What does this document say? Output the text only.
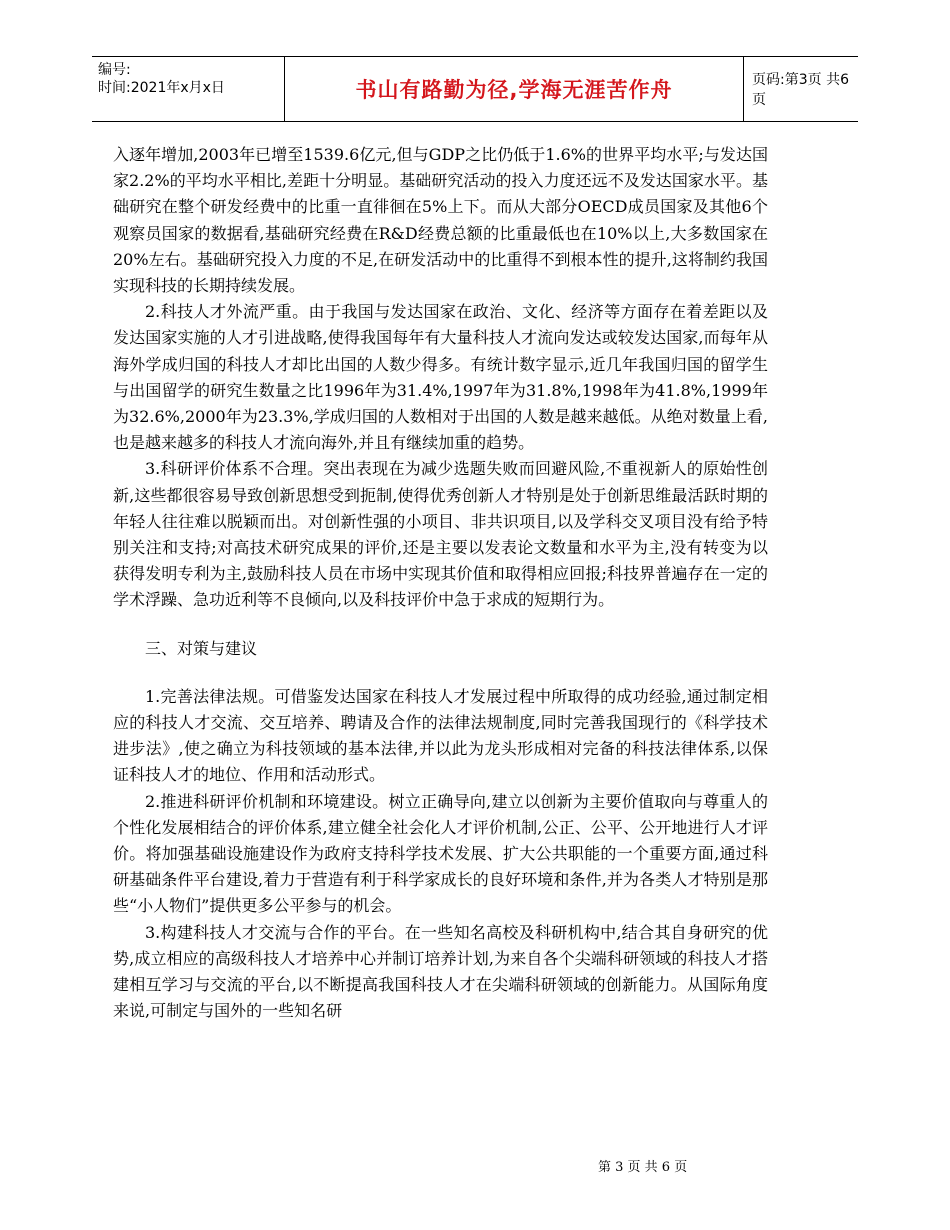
编号:
时间:2021年x月x日	书山有路勤为径,学海无涯苦作舟	页码:第3页 共6页

入逐年增加,2003年已增至1539.6亿元,但与GDP之比仍低于1.6%的世界平均水平;与发达国家2.2%的平均水平相比,差距十分明显。基础研究活动的投入力度还远不及发达国家水平。基础研究在整个研发经费中的比重一直徘徊在5%上下。而从大部分OECD成员国家及其他6个观察员国家的数据看,基础研究经费在R&D经费总额的比重最低也在10%以上,大多数国家在20%左右。基础研究投入力度的不足,在研发活动中的比重得不到根本性的提升,这将制约我国实现科技的长期持续发展。

2.科技人才外流严重。由于我国与发达国家在政治、文化、经济等方面存在着差距以及发达国家实施的人才引进战略,使得我国每年有大量科技人才流向发达或较发达国家,而每年从海外学成归国的科技人才却比出国的人数少得多。有统计数字显示,近几年我国归国的留学生与出国留学的研究生数量之比1996年为31.4%,1997年为31.8%,1998年为41.8%,1999年为32.6%,2000年为23.3%,学成归国的人数相对于出国的人数是越来越低。从绝对数量上看,也是越来越多的科技人才流向海外,并且有继续加重的趋势。

3.科研评价体系不合理。突出表现在为减少选题失败而回避风险,不重视新人的原始性创新,这些都很容易导致创新思想受到扼制,使得优秀创新人才特别是处于创新思维最活跃时期的年轻人往往难以脱颖而出。对创新性强的小项目、非共识项目,以及学科交叉项目没有给予特别关注和支持;对高技术研究成果的评价,还是主要以发表论文数量和水平为主,没有转变为以获得发明专利为主,鼓励科技人员在市场中实现其价值和取得相应回报;科技界普遍存在一定的学术浮躁、急功近利等不良倾向,以及科技评价中急于求成的短期行为。

三、对策与建议

1.完善法律法规。可借鉴发达国家在科技人才发展过程中所取得的成功经验,通过制定相应的科技人才交流、交互培养、聘请及合作的法律法规制度,同时完善我国现行的《科学技术进步法》,使之确立为科技领域的基本法律,并以此为龙头形成相对完备的科技法律体系,以保证科技人才的地位、作用和活动形式。

2.推进科研评价机制和环境建设。树立正确导向,建立以创新为主要价值取向与尊重人的个性化发展相结合的评价体系,建立健全社会化人才评价机制,公正、公平、公开地进行人才评价。将加强基础设施建设作为政府支持科学技术发展、扩大公共职能的一个重要方面,通过科研基础条件平台建设,着力于营造有利于科学家成长的良好环境和条件,并为各类人才特别是那些“小人物们”提供更多公平参与的机会。

3.构建科技人才交流与合作的平台。在一些知名高校及科研机构中,结合其自身研究的优势,成立相应的高级科技人才培养中心并制订培养计划,为来自各个尖端科研领域的科技人才搭建相互学习与交流的平台,以不断提高我国科技人才在尖端科研领域的创新能力。从国际角度来说,可制定与国外的一些知名研

第 3 页 共 6 页
